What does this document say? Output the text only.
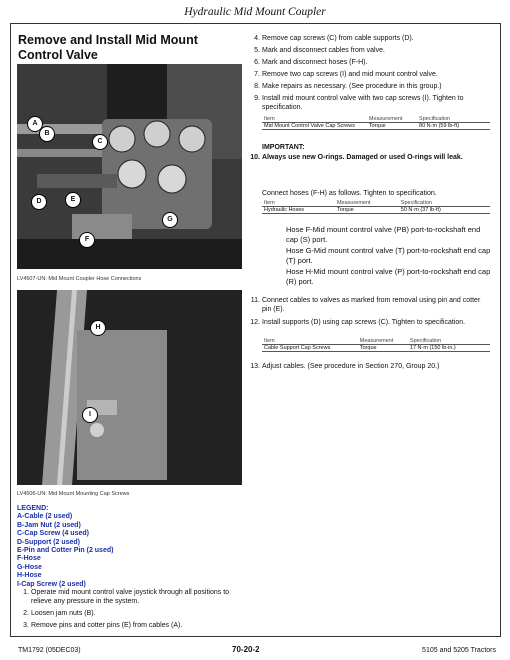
Hydraulic Mid Mount Coupler
Remove and Install Mid Mount Control Valve
A
B
C
D	E
F
G
LV4507-UN: Mid Mount Coupler Hose Connections
H
I
LV4506-UN: Mid Mount Mounting Cap Screws
LEGEND:
A-Cable (2 used)
B-Jam Nut (2 used)
C-Cap Screw (4 used)
D-Support (2 used)
E-Pin and Cotter Pin (2 used)
F-Hose
G-Hose
H-Hose
I-Cap Screw (2 used)
1. Operate mid mount control valve joystick through all positions to relieve any pressure in the system.
2. Loosen jam nuts (B).
3. Remove pins and cotter pins (E) from cables (A).
4. Remove cap screws (C) from cable supports (D).
5. Mark and disconnect cables from valve.
6. Mark and disconnect hoses (F-H).
7. Remove two cap screws (I) and mid mount control valve.
8. Make repairs as necessary. (See procedure in this group.)
9. Install mid mount control valve with two cap screws (I). Tighten to specification.
Item	Measurement	Specification
Mid Mount Control Valve Cap Screws	Torque	80 N·m (59 lb-ft)
IMPORTANT:
10. Always use new O-rings. Damaged or used O-rings will leak.
Connect hoses (F-H) as follows. Tighten to specification.
Item	Measurement	Specification
Hydraulic Hoses	Torque	50 N·m (37 lb-ft)
Hose F-Mid mount control valve (PB) port-to-rockshaft end cap (S) port.
Hose G-Mid mount control valve (T) port-to-rockshaft end cap (T) port.
Hose H-Mid mount control valve (P) port-to-rockshaft end cap (R) port.
11. Connect cables to valves as marked from removal using pin and cotter pin (E).
12. Install supports (D) using cap screws (C). Tighten to specification.
Item	Measurement	Specification
Cable Support Cap Screws	Torque	17 N·m (150 lb-in.)
13. Adjust cables. (See procedure in Section 270, Group 20.)
TM1792 (05DEC03)	70-20-2	5105 and 5205 Tractors
